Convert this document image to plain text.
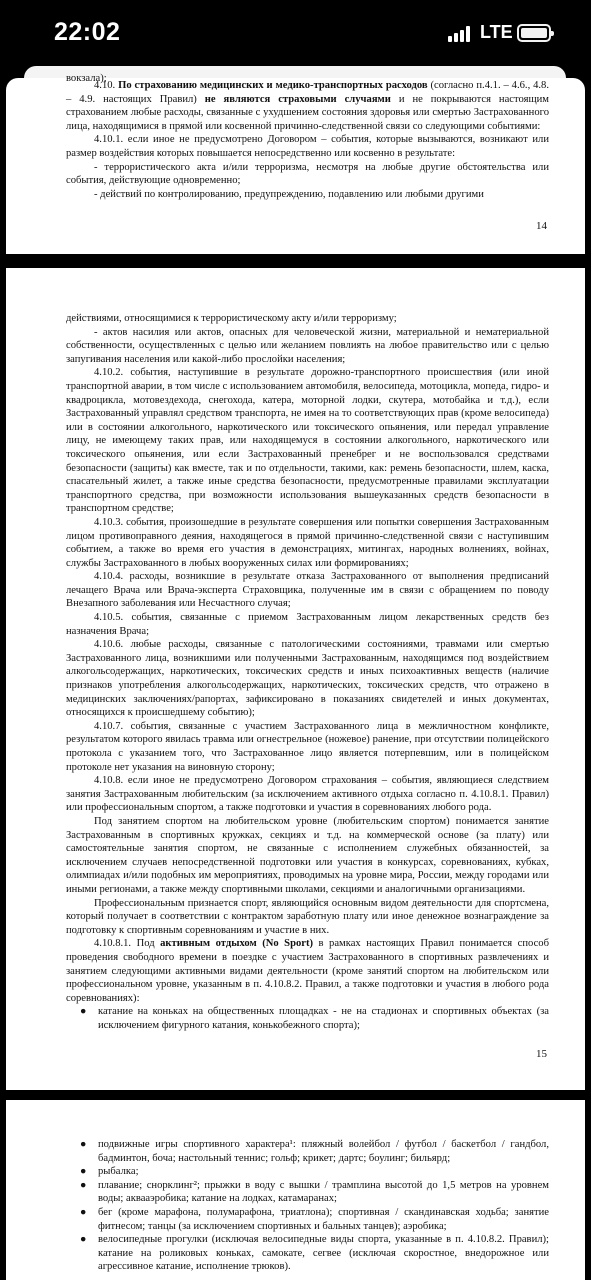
22:02	LTE

вокзала);

4.10. По страхованию медицинских и медико-транспортных расходов (согласно п.4.1. – 4.6., 4.8. – 4.9. настоящих Правил) не являются страховыми случаями и не покрываются настоящим страхованием любые расходы, связанные с ухудшением состояния здоровья или смертью Застрахованного лица, находящимися в прямой или косвенной причинно-следственной связи со следующими событиями:

4.10.1. если иное не предусмотрено Договором – события, которые вызываются, возникают или размер воздействия которых повышается непосредственно или косвенно в результате:

- террористического акта и/или терроризма, несмотря на любые другие обстоятельства или события, действующие одновременно;

- действий по контролированию, предупреждению, подавлению или любыми другими

14

действиями, относящимися к террористическому акту и/или терроризму;

- актов насилия или актов, опасных для человеческой жизни, материальной и нематериальной собственности, осуществленных с целью или желанием повлиять на любое правительство или с целью запугивания населения или какой-либо прослойки населения;

4.10.2. события, наступившие в результате дорожно-транспортного происшествия (или иной транспортной аварии, в том числе с использованием автомобиля, велосипеда, мотоцикла, мопеда, гидро- и квадроцикла, мотовездехода, снегохода, катера, моторной лодки, скутера, мотобайка и т.д.), если Застрахованный управлял средством транспорта, не имея на то соответствующих прав (кроме велосипеда) или в состоянии алкогольного, наркотического или токсического опьянения, или передал управление лицу, не имеющему таких прав, или находящемуся в состоянии алкогольного, наркотического или токсического опьянения, или если Застрахованный пренебрег и не воспользовался средствами безопасности (защиты) как вместе, так и по отдельности, такими, как: ремень безопасности, шлем, каска, спасательный жилет, а также иные средства безопасности, предусмотренные правилами эксплуатации транспортного средства, при возможности использования вышеуказанных средств безопасности в транспортном средстве;

4.10.3. события, произошедшие в результате совершения или попытки совершения Застрахованным лицом противоправного деяния, находящегося в прямой причинно-следственной связи с наступившим событием, а также во время его участия в демонстрациях, митингах, народных волнениях, войнах, службы Застрахованного в любых вооруженных силах или формированиях;

4.10.4. расходы, возникшие в результате отказа Застрахованного от выполнения предписаний лечащего Врача или Врача-эксперта Страховщика, полученные им в связи с обращением по поводу Внезапного заболевания или Несчастного случая;

4.10.5. события, связанные с приемом Застрахованным лицом лекарственных средств без назначения Врача;

4.10.6. любые расходы, связанные с патологическими состояниями, травмами или смертью Застрахованного лица, возникшими или полученными Застрахованным, находящимся под воздействием алкогольсодержащих, наркотических, токсических средств и иных психоактивных веществ (наличие признаков употребления алкогольсодержащих, наркотических, токсических средств, что отражено в медицинских заключениях/рапортах, зафиксировано в показаниях свидетелей и иных документах, относящихся к происшедшему событию);

4.10.7. события, связанные с участием Застрахованного лица в межличностном конфликте, результатом которого явилась травма или огнестрельное (ножевое) ранение, при отсутствии полицейского протокола с указанием того, что Застрахованное лицо является потерпевшим, или в полицейском протоколе нет указания на виновную сторону;

4.10.8. если иное не предусмотрено Договором страхования – события, являющиеся следствием занятия Застрахованным любительским (за исключением активного отдыха согласно п. 4.10.8.1. Правил) или профессиональным спортом, а также подготовки и участия в соревнованиях любого рода.

Под занятием спортом на любительском уровне (любительским спортом) понимается занятие Застрахованным в спортивных кружках, секциях и т.д. на коммерческой основе (за плату) или самостоятельные занятия спортом, не связанные с исполнением служебных обязанностей, за исключением случаев непосредственной подготовки или участия в конкурсах, соревнованиях, кубках, олимпиадах и/или подобных им мероприятиях, проводимых на уровне мира, России, между городами или иными регионами, а также между спортивными школами, секциями и аналогичными организациями.

Профессиональным признается спорт, являющийся основным видом деятельности для спортсмена, который получает в соответствии с контрактом заработную плату или иное денежное вознаграждение за подготовку к спортивным соревнованиям и участие в них.

4.10.8.1. Под активным отдыхом (No Sport) в рамках настоящих Правил понимается способ проведения свободного времени в поездке с участием Застрахованного в спортивных развлечениях и занятием следующими активными видами деятельности (кроме занятий спортом на любительском или профессиональном уровне, указанным в п. 4.10.8.2. Правил, а также подготовки и участия в любого рода соревнованиях):

● катание на коньках на общественных площадках - не на стадионах и спортивных объектах (за исключением фигурного катания, конькобежного спорта);

15

● подвижные игры спортивного характера¹: пляжный волейбол / футбол / баскетбол / гандбол, бадминтон, боча; настольный теннис; гольф; крикет; дартс; боулинг; бильярд;

● рыбалка;

● плавание; снорклинг²; прыжки в воду с вышки / трамплина высотой до 1,5 метров на уровнем воды; аквааэробика; катание на лодках, катамаранах;

● бег (кроме марафона, полумарафона, триатлона); спортивная / скандинавская ходьба; занятие фитнесом; танцы (за исключением спортивных и бальных танцев); аэробика;

● велосипедные прогулки (исключая велосипедные виды спорта, указанные в п. 4.10.8.2. Правил); катание на роликовых коньках, самокате, сегвее (исключая скоростное, внедорожное или агрессивное катание, исполнение трюков).
